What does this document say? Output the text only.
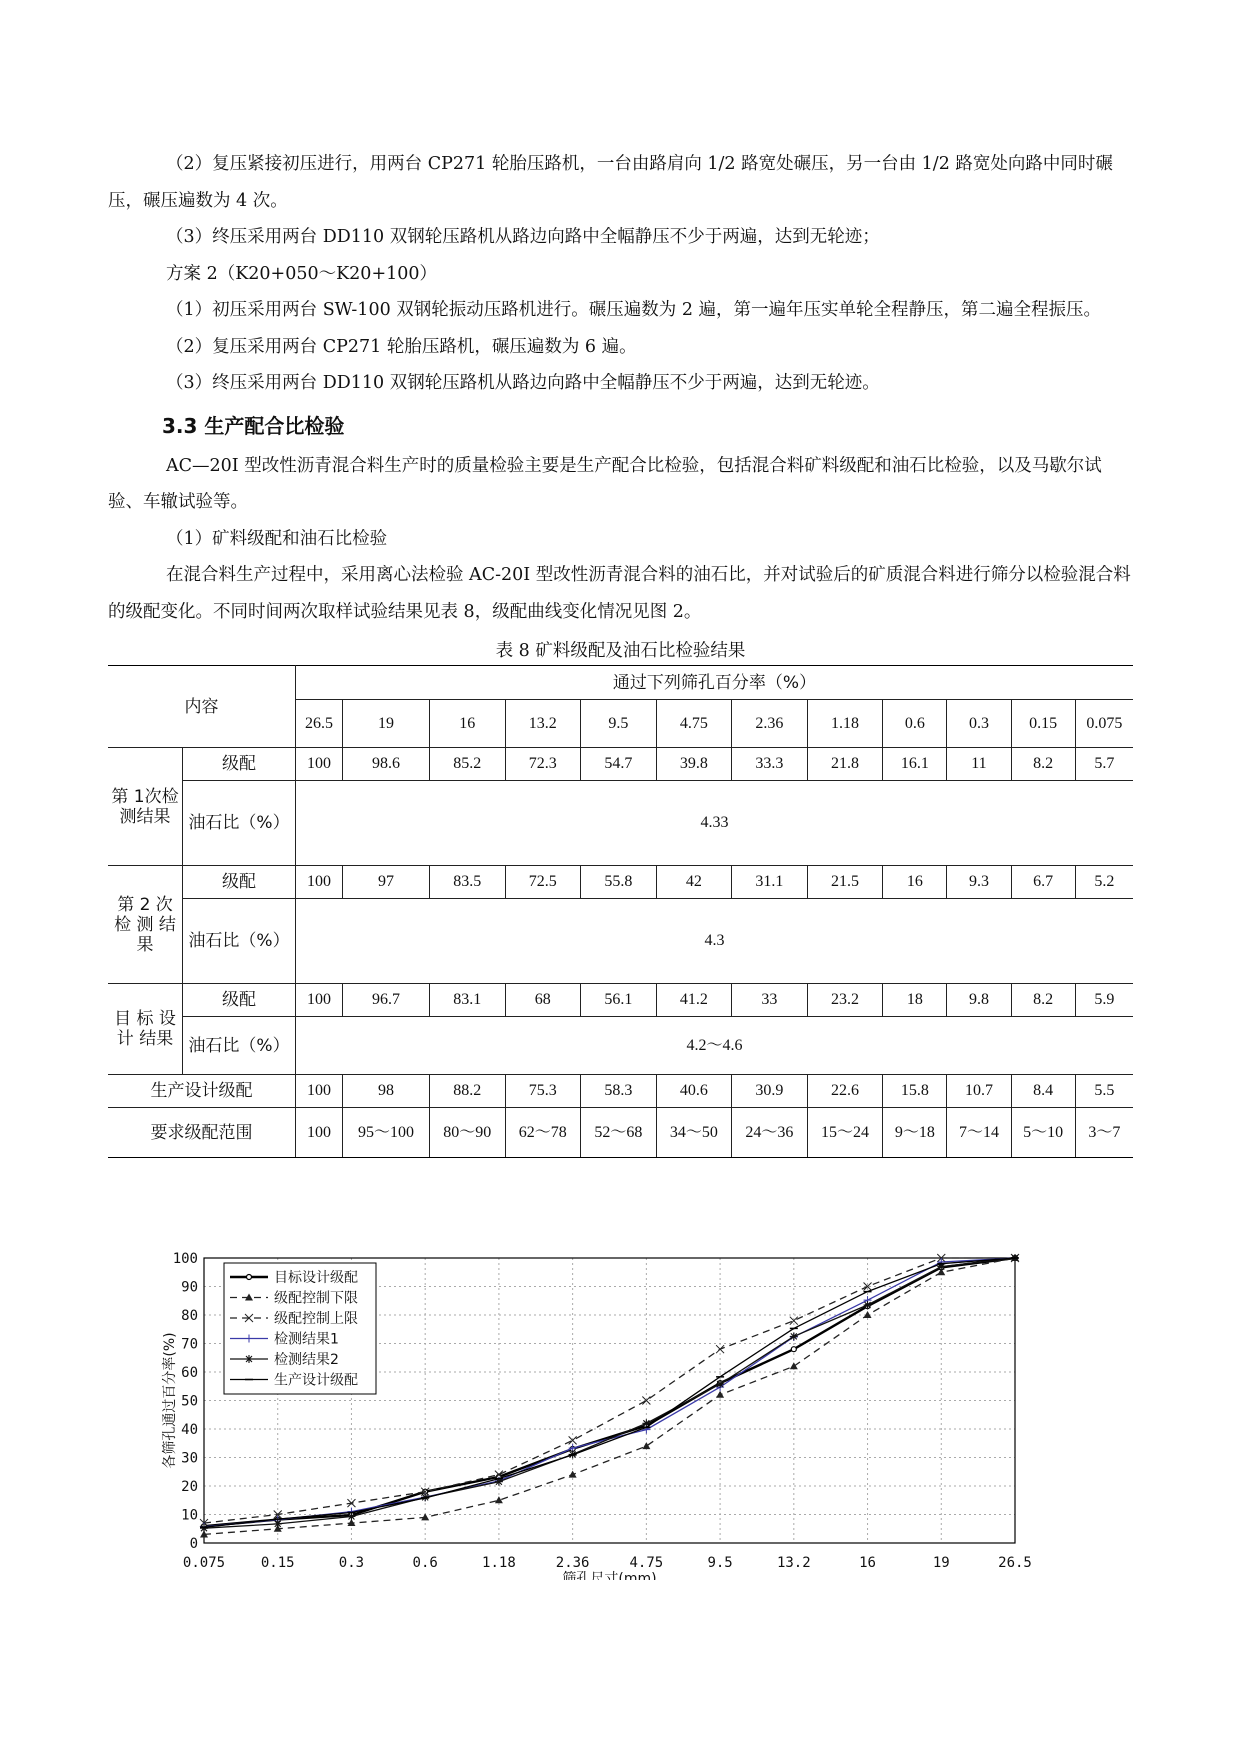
（2）复压紧接初压进行，用两台 CP271 轮胎压路机，一台由路肩向 1/2 路宽处碾压，另一台由 1/2 路宽处向路中同时碾压，碾压遍数为 4 次。

（3）终压采用两台 DD110 双钢轮压路机从路边向路中全幅静压不少于两遍，达到无轮迹；

方案 2（K20+050～K20+100）

（1）初压采用两台 SW-100 双钢轮振动压路机进行。碾压遍数为 2 遍，第一遍年压实单轮全程静压，第二遍全程振压。

（2）复压采用两台 CP271 轮胎压路机，碾压遍数为 6 遍。

（3）终压采用两台 DD110 双钢轮压路机从路边向路中全幅静压不少于两遍，达到无轮迹。

3.3 生产配合比检验

AC—20I 型改性沥青混合料生产时的质量检验主要是生产配合比检验，包括混合料矿料级配和油石比检验，以及马歇尔试验、车辙试验等。

（1）矿料级配和油石比检验

在混合料生产过程中，采用离心法检验 AC-20I 型改性沥青混合料的油石比，并对试验后的矿质混合料进行筛分以检验混合料的级配变化。不同时间两次取样试验结果见表 8，级配曲线变化情况见图 2。

表 8 矿料级配及油石比检验结果
内容		通过下列筛孔百分率（%）											
		26.5	19	16	13.2	9.5	4.75	2.36	1.18	0.6	0.3	0.15	0.075
第 1次检测结果	级配	100	98.6	85.2	72.3	54.7	39.8	33.3	21.8	16.1	11	8.2	5.7
	油石比（%）	4.33											
第 2 次 检 测 结 果	级配	100	97	83.5	72.5	55.8	42	31.1	21.5	16	9.3	6.7	5.2
	油石比（%）	4.3											
目 标 设 计 结果	级配	100	96.7	83.1	68	56.1	41.2	33	23.2	18	9.8	8.2	5.9
	油石比（%）	4.2～4.6											
生产设计级配		100	98	88.2	75.3	58.3	40.6	30.9	22.6	15.8	10.7	8.4	5.5
要求级配范围		100	95～100	80～90	62～78	52～68	34～50	24～36	15～24	9～18	7～14	5～10	3～7
0
10
20
30
40
50
60
70
80
90
100
0.075	0.15	0.3	0.6	1.18	2.36	4.75	9.5	13.2	16	19	26.5
筛孔尺寸(mm)
各筛孔通过百分率(%)
目标设计级配
级配控制下限
级配控制上限
检测结果1
检测结果2
生产设计级配
